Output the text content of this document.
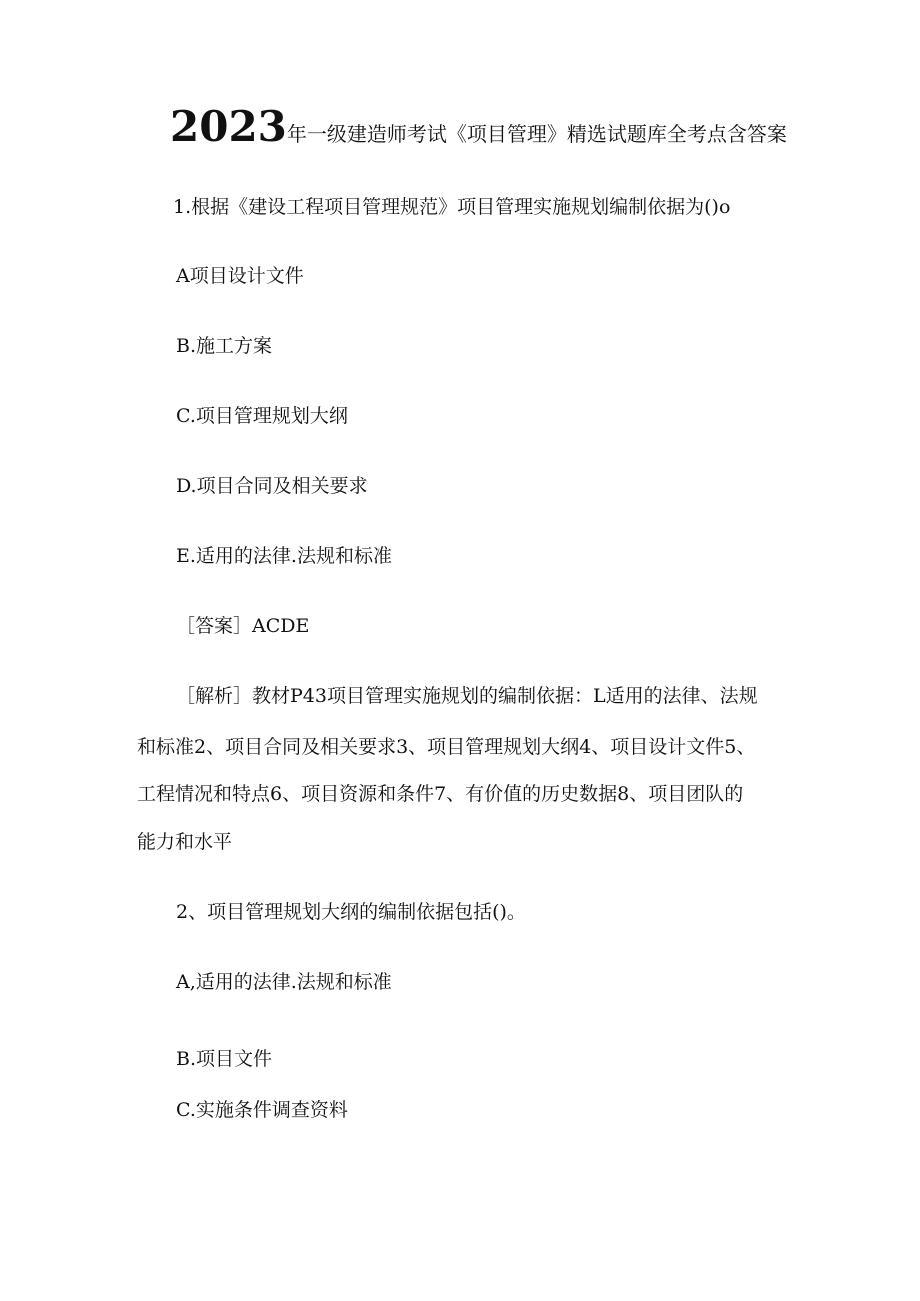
2023年一级建造师考试《项目管理》精选试题库全考点含答案
1.根据《建设工程项目管理规范》项目管理实施规划编制依据为()o
A项目设计文件
B.施工方案
C.项目管理规划大纲
D.项目合同及相关要求
E.适用的法律.法规和标准
［答案］ACDE
［解析］教材P43项目管理实施规划的编制依据：L适用的法律、法规
和标准2、项目合同及相关要求3、项目管理规划大纲4、项目设计文件5、
工程情况和特点6、项目资源和条件7、有价值的历史数据8、项目团队的
能力和水平
2、项目管理规划大纲的编制依据包括()。
A,适用的法律.法规和标准
B.项目文件
C.实施条件调查资料
